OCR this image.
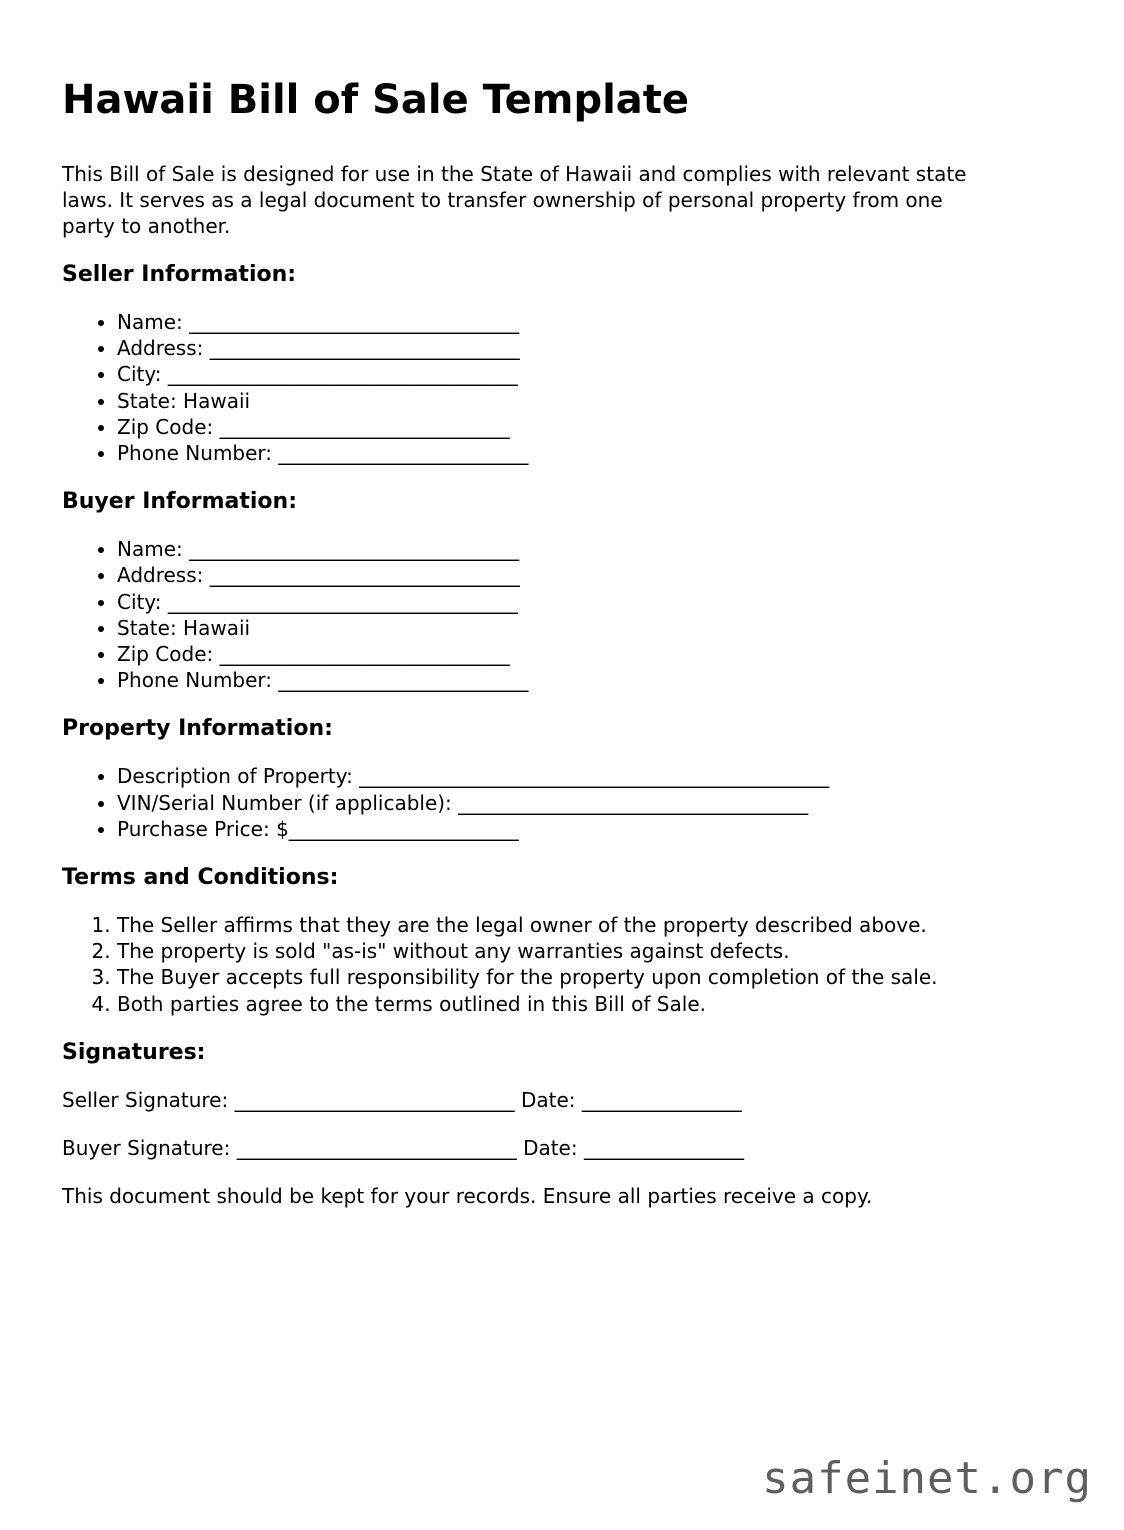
Hawaii Bill of Sale Template
This Bill of Sale is designed for use in the State of Hawaii and complies with relevant state
laws. It serves as a legal document to transfer ownership of personal property from one
party to another.
Seller Information:
• Name: _________________________________
• Address: _______________________________
• City: ___________________________________
• State: Hawaii
• Zip Code: _____________________________
• Phone Number: _________________________
Buyer Information:
• Name: _________________________________
• Address: _______________________________
• City: ___________________________________
• State: Hawaii
• Zip Code: _____________________________
• Phone Number: _________________________
Property Information:
• Description of Property: _______________________________________________
• VIN/Serial Number (if applicable): ___________________________________
• Purchase Price: $_______________________
Terms and Conditions:
1. The Seller affirms that they are the legal owner of the property described above.
2. The property is sold "as-is" without any warranties against defects.
3. The Buyer accepts full responsibility for the property upon completion of the sale.
4. Both parties agree to the terms outlined in this Bill of Sale.
Signatures:

Seller Signature: ____________________________ Date: ________________

Buyer Signature: ____________________________ Date: ________________

This document should be kept for your records. Ensure all parties receive a copy.

safeinet.org
